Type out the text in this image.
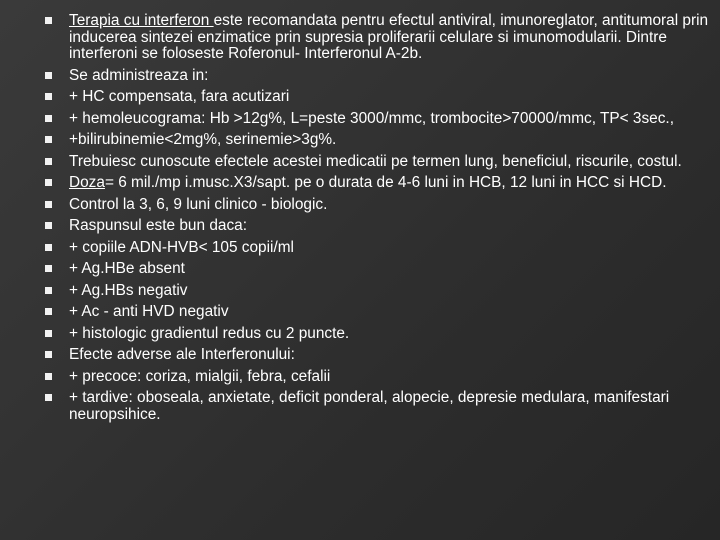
Terapia cu interferon este recomandata pentru efectul antiviral, imunoreglator, antitumoral prin inducerea sintezei enzimatice prin supresia proliferarii celulare si imunomodularii. Dintre interferoni se foloseste Roferonul- Interferonul A-2b.
Se administreaza in:
+ HC compensata, fara acutizari
+ hemoleucograma: Hb >12g%, L=peste 3000/mmc, trombocite>70000/mmc, TP< 3sec.,
+bilirubinemie<2mg%, serinemie>3g%.
Trebuiesc cunoscute efectele acestei medicatii pe termen lung, beneficiul, riscurile, costul.
Doza= 6 mil./mp i.musc.X3/sapt. pe o durata de 4-6 luni in HCB, 12 luni in HCC si HCD.
Control la 3, 6, 9 luni clinico - biologic.
Raspunsul este bun daca:
+ copiile ADN-HVB< 105 copii/ml
+ Ag.HBe absent
+ Ag.HBs negativ
+ Ac - anti HVD negativ
+ histologic gradientul redus cu 2 puncte.
Efecte adverse ale Interferonului:
+ precoce: coriza, mialgii, febra, cefalii
+ tardive: oboseala, anxietate, deficit ponderal, alopecie, depresie medulara, manifestari neuropsihice.
